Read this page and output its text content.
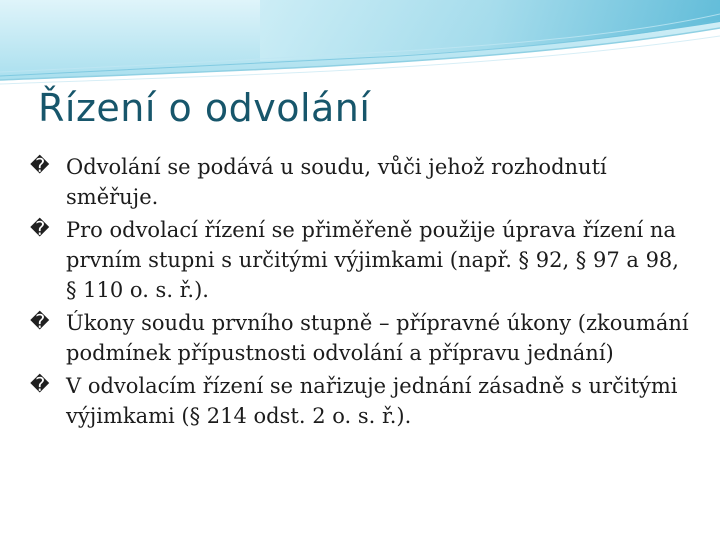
Řízení o odvolání
� Odvolání se podává u soudu, vůči jehož rozhodnutí směřuje.
� Pro odvolací řízení se přiměřeně použije úprava řízení na prvním stupni s určitými výjimkami (např. § 92, § 97 a 98, § 110 o. s. ř.).
� Úkony soudu prvního stupně – přípravné úkony (zkoumání podmínek přípustnosti odvolání a přípravu jednání)
� V odvolacím řízení se nařizuje jednání zásadně s určitými výjimkami (§ 214 odst. 2 o. s. ř.).
